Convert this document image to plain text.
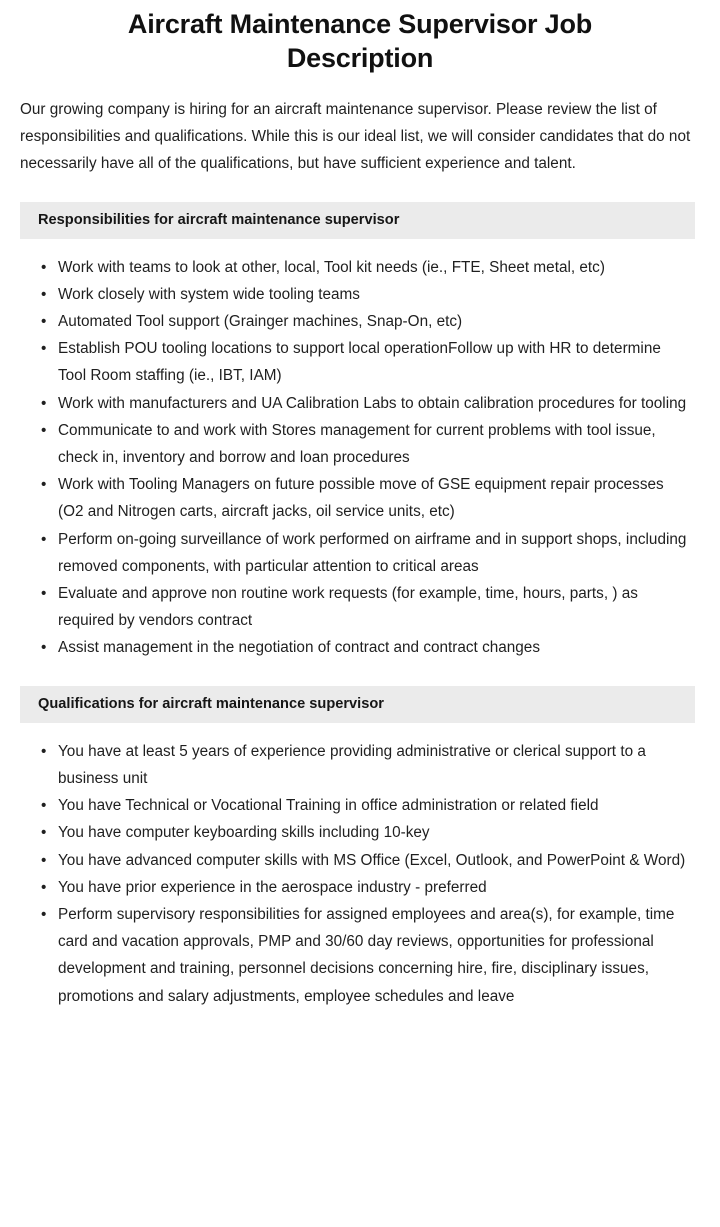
Aircraft Maintenance Supervisor Job Description

Our growing company is hiring for an aircraft maintenance supervisor. Please review the list of responsibilities and qualifications. While this is our ideal list, we will consider candidates that do not necessarily have all of the qualifications, but have sufficient experience and talent.

Responsibilities for aircraft maintenance supervisor
• Work with teams to look at other, local, Tool kit needs (ie., FTE, Sheet metal, etc)
• Work closely with system wide tooling teams
• Automated Tool support (Grainger machines, Snap-On, etc)
• Establish POU tooling locations to support local operationFollow up with HR to determine Tool Room staffing (ie., IBT, IAM)
• Work with manufacturers and UA Calibration Labs to obtain calibration procedures for tooling
• Communicate to and work with Stores management for current problems with tool issue, check in, inventory and borrow and loan procedures
• Work with Tooling Managers on future possible move of GSE equipment repair processes (O2 and Nitrogen carts, aircraft jacks, oil service units, etc)
• Perform on-going surveillance of work performed on airframe and in support shops, including removed components, with particular attention to critical areas
• Evaluate and approve non routine work requests (for example, time, hours, parts, ) as required by vendors contract
• Assist management in the negotiation of contract and contract changes
Qualifications for aircraft maintenance supervisor
• You have at least 5 years of experience providing administrative or clerical support to a business unit
• You have Technical or Vocational Training in office administration or related field
• You have computer keyboarding skills including 10-key
• You have advanced computer skills with MS Office (Excel, Outlook, and PowerPoint & Word)
• You have prior experience in the aerospace industry - preferred
• Perform supervisory responsibilities for assigned employees and area(s), for example, time card and vacation approvals, PMP and 30/60 day reviews, opportunities for professional development and training, personnel decisions concerning hire, fire, disciplinary issues, promotions and salary adjustments, employee schedules and leave
